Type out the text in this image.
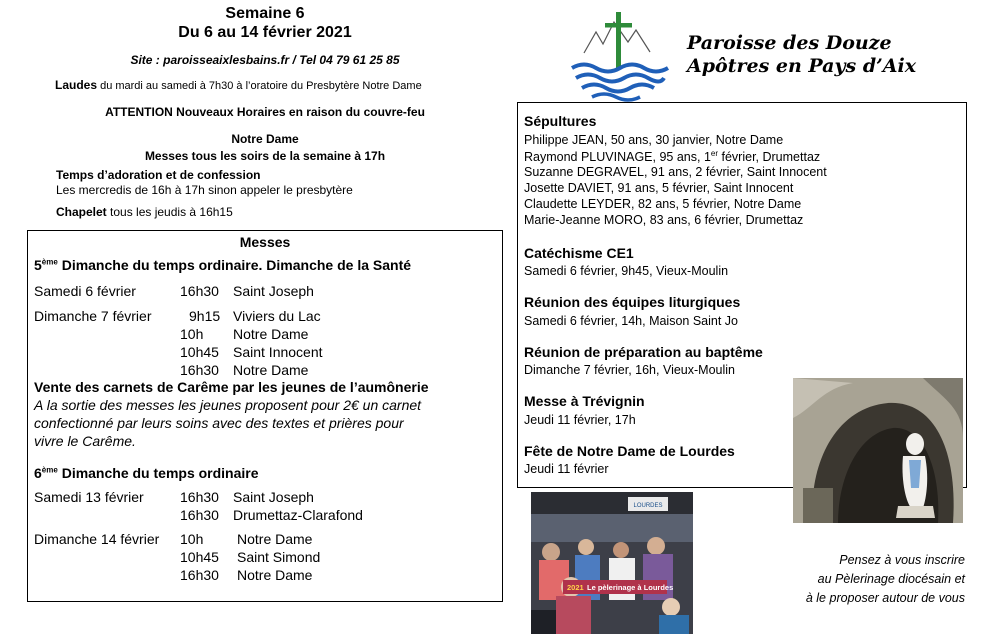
Semaine 6
Du 6 au 14 février 2021
Site : paroisseaixlesbains.fr / Tel 04 79 61 25 85
Laudes du mardi au samedi à 7h30 à l’oratoire du Presbytère Notre Dame
ATTENTION Nouveaux Horaires en raison du couvre-feu
Notre Dame
Messes tous les soirs de la semaine à 17h
Temps d’adoration et de confession
Les mercredis de 16h à 17h sinon appeler le presbytère
Chapelet tous les jeudis à 16h15
Messes
5ème Dimanche du temps ordinaire. Dimanche de la Santé
Samedi 6 février	16h30 Saint Joseph
Dimanche 7 février	9h15 Viviers du Lac
10h Notre Dame
10h45 Saint Innocent
16h30 Notre Dame
Vente des carnets de Carême par les jeunes de l’aumônerie
A la sortie des messes les jeunes proposent pour 2€ un carnet
confectionné par leurs soins avec des textes et prières pour
vivre le Carême.
6ème Dimanche du temps ordinaire
Samedi 13 février	16h30 Saint Joseph
16h30 Drumettaz-Clarafond
Dimanche 14 février 10h Notre Dame
10h45 Saint Simond
16h30 Notre Dame
Paroisse des Douze
Apôtres en Pays d’Aix
Sépultures
Philippe JEAN, 50 ans, 30 janvier, Notre Dame
Raymond PLUVINAGE, 95 ans, 1er février, Drumettaz
Suzanne DEGRAVEL, 91 ans, 2 février, Saint Innocent
Josette DAVIET, 91 ans, 5 février, Saint Innocent
Claudette LEYDER, 82 ans, 5 février, Notre Dame
Marie-Jeanne MORO, 83 ans, 6 février, Drumettaz
Catéchisme CE1
Samedi 6 février, 9h45, Vieux-Moulin
Réunion des équipes liturgiques
Samedi 6 février, 14h, Maison Saint Jo
Réunion de préparation au baptême
Dimanche 7 février, 16h, Vieux-Moulin
Messe à Trévignin
Jeudi 11 février, 17h
Fête de Notre Dame de Lourdes
Jeudi 11 février
LOURDES
2021 Le pèlerinage à Lourdes
Pensez à vous inscrire
au Pèlerinage diocésain et
à le proposer autour de vous
